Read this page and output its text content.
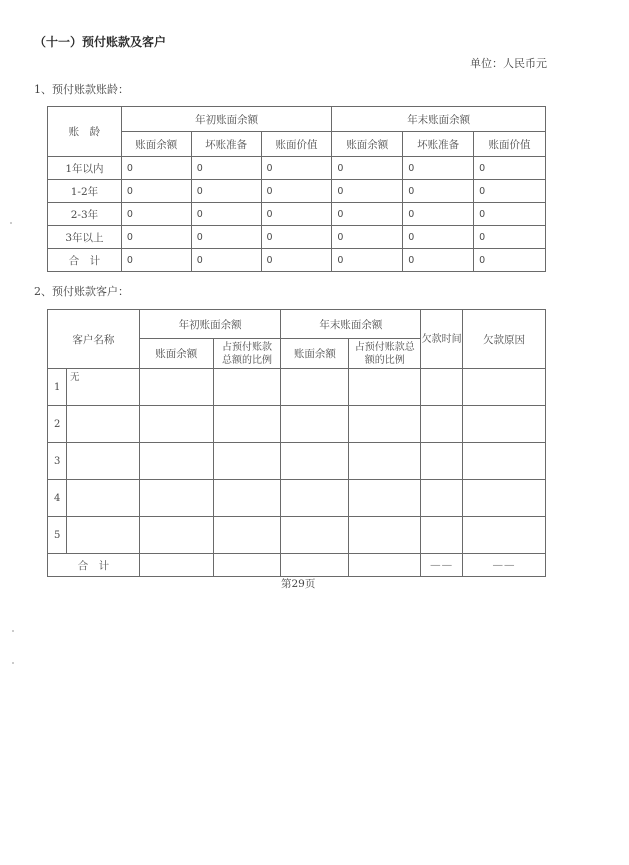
（十一）预付账款及客户
单位：人民币元
1、预付账款账龄：
账　龄	年初账面余额			年末账面余额		
	账面余额	坏账准备	账面价值	账面余额	坏账准备	账面价值
1年以内	0	0	0	0	0	0
1-2年	0	0	0	0	0	0
2-3年	0	0	0	0	0	0
3年以上	0	0	0	0	0	0
合　计	0	0	0	0	0	0
2、预付账款客户：
客户名称		年初账面余额		年末账面余额		欠款时间	欠款原因
		账面余额	占预付账款总额的比例	账面余额	占预付账款总额的比例		
1	无						
2							
3							
4							
5							
合　计						——	——
第29页
